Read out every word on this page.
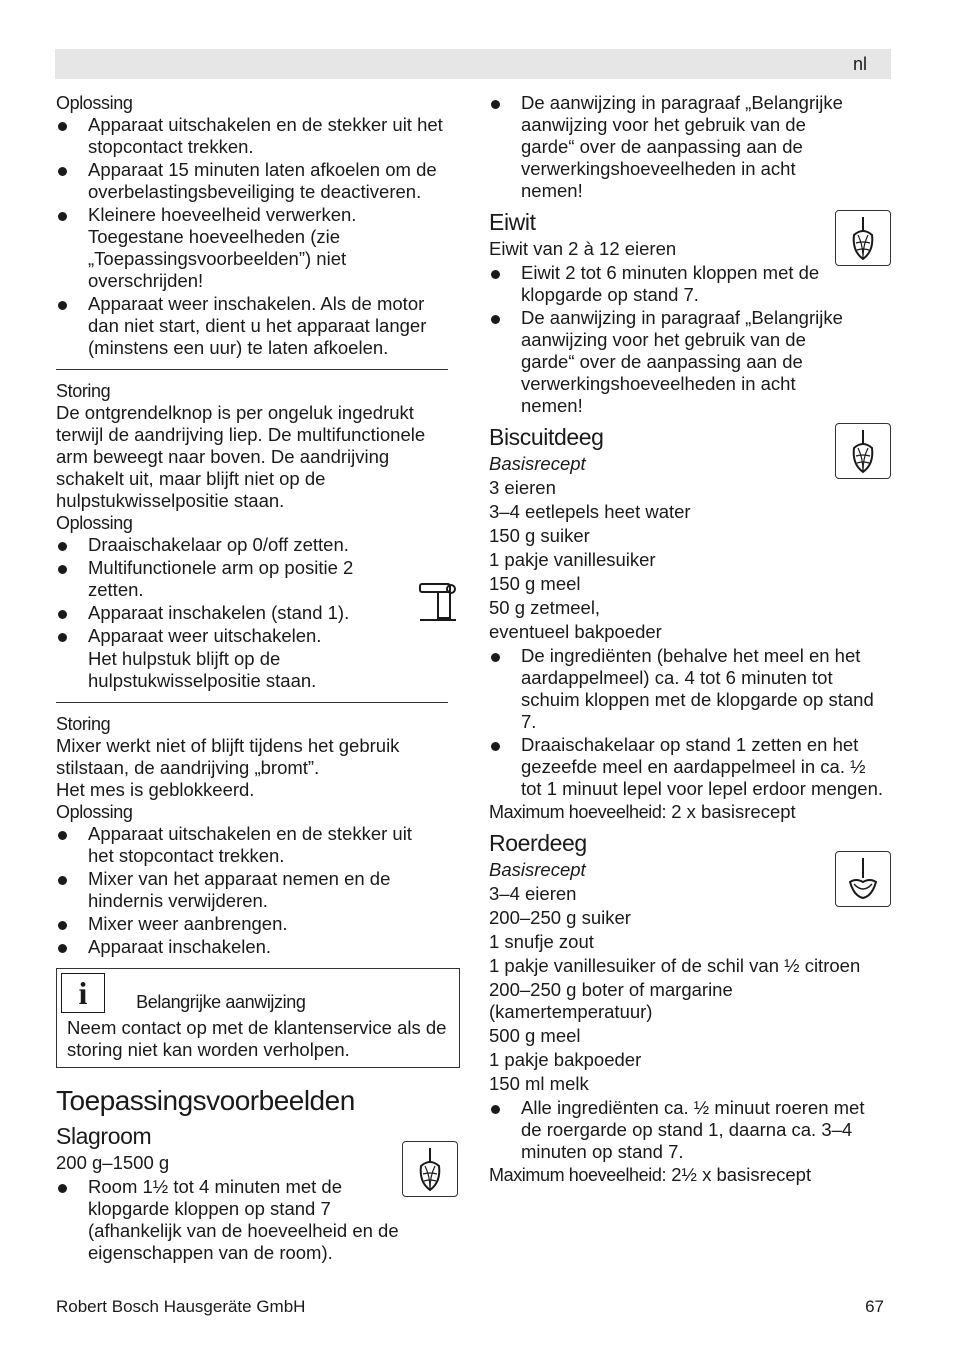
nl

Oplossing

Apparaat uitschakelen en de stekker uit het stopcontact trekken.
Apparaat 15 minuten laten afkoelen om de overbelastingsbeveiliging te deactiveren.
Kleinere hoeveelheid verwerken. Toegestane hoeveelheden (zie „Toepassingsvoorbeelden”) niet overschrijden!
Apparaat weer inschakelen. Als de motor dan niet start, dient u het apparaat langer (minstens een uur) te laten afkoelen.

Storing

De ontgrendelknop is per ongeluk ingedrukt terwijl de aandrijving liep. De multifunctionele arm beweegt naar boven. De aandrijving schakelt uit, maar blijft niet op de hulpstukwisselpositie staan.

Oplossing

Draaischakelaar op 0/off zetten.
Multifunctionele arm op positie 2 zetten.
Apparaat inschakelen (stand 1).
Apparaat weer uitschakelen.

Het hulpstuk blijft op de hulpstukwisselpositie staan.

Storing

Mixer werkt niet of blijft tijdens het gebruik stilstaan, de aandrijving „bromt”.

Het mes is geblokkeerd.

Oplossing

Apparaat uitschakelen en de stekker uit het stopcontact trekken.
Mixer van het apparaat nemen en de hindernis verwijderen.
Mixer weer aanbrengen.
Apparaat inschakelen.
i	Belangrijke aanwijzing

Neem contact op met de klantenservice als de storing niet kan worden verholpen.

Toepassingsvoorbeelden

Slagroom

200 g–1500 g

Room 1½ tot 4 minuten met de klopgarde kloppen op stand 7 (afhankelijk van de hoeveelheid en de eigenschappen van de room).
De aanwijzing in paragraaf „Belangrijke aanwijzing voor het gebruik van de garde“ over de aanpassing aan de verwerkingshoeveelheden in acht nemen!

Eiwit

Eiwit van 2 à 12 eieren

Eiwit 2 tot 6 minuten kloppen met de klopgarde op stand 7.
De aanwijzing in paragraaf „Belangrijke aanwijzing voor het gebruik van de garde“ over de aanpassing aan de verwerkingshoeveelheden in acht nemen!

Biscuitdeeg

Basisrecept

3 eieren

3–4 eetlepels heet water

150 g suiker

1 pakje vanillesuiker

150 g meel

50 g zetmeel,

eventueel bakpoeder

De ingrediënten (behalve het meel en het aardappelmeel) ca. 4 tot 6 minuten tot schuim kloppen met de klopgarde op stand 7.
Draaischakelaar op stand 1 zetten en het gezeefde meel en aardappelmeel in ca. ½ tot 1 minuut lepel voor lepel erdoor mengen.

Maximum hoeveelheid: 2 x basisrecept

Roerdeeg

Basisrecept

3–4 eieren

200–250 g suiker

1 snufje zout

1 pakje vanillesuiker of de schil van ½ citroen

200–250 g boter of margarine (kamertemperatuur)

500 g meel

1 pakje bakpoeder

150 ml melk

Alle ingrediënten ca. ½ minuut roeren met de roergarde op stand 1, daarna ca. 3–4 minuten op stand 7.

Maximum hoeveelheid: 2½ x basisrecept

Robert Bosch Hausgeräte GmbH	67
